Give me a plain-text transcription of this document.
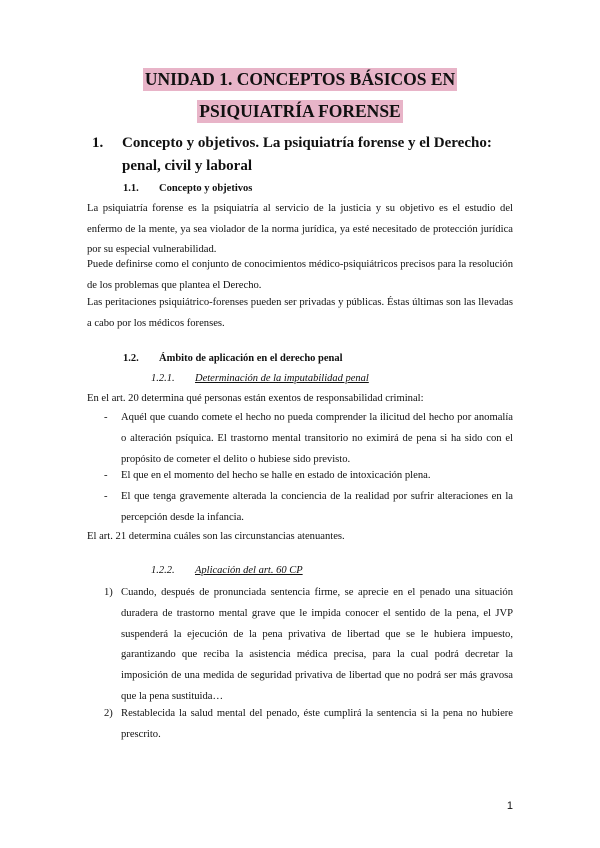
UNIDAD 1. CONCEPTOS BÁSICOS EN
PSIQUIATRÍA FORENSE
1. Concepto y objetivos. La psiquiatría forense y el Derecho: penal, civil y laboral
1.1. Concepto y objetivos

La psiquiatría forense es la psiquiatría al servicio de la justicia y su objetivo es el estudio del enfermo de la mente, ya sea violador de la norma jurídica, ya esté necesitado de protección jurídica por su especial vulnerabilidad.

Puede definirse como el conjunto de conocimientos médico-psiquiátricos precisos para la resolución de los problemas que plantea el Derecho.

Las peritaciones psiquiátrico-forenses pueden ser privadas y públicas. Éstas últimas son las llevadas a cabo por los médicos forenses.

1.2. Ámbito de aplicación en el derecho penal
1.2.1. Determinación de la imputabilidad penal

En el art. 20 determina qué personas están exentos de responsabilidad criminal:

- Aquél que cuando comete el hecho no pueda comprender la ilicitud del hecho por anomalía o alteración psíquica. El trastorno mental transitorio no eximirá de pena si ha sido con el propósito de cometer el delito o hubiese sido previsto.
- El que en el momento del hecho se halle en estado de intoxicación plena.
- El que tenga gravemente alterada la conciencia de la realidad por sufrir alteraciones en la percepción desde la infancia.

El art. 21 determina cuáles son las circunstancias atenuantes.

1.2.2. Aplicación del art. 60 CP
1) Cuando, después de pronunciada sentencia firme, se aprecie en el penado una situación duradera de trastorno mental grave que le impida conocer el sentido de la pena, el JVP suspenderá la ejecución de la pena privativa de libertad que se le hubiera impuesto, garantizando que reciba la asistencia médica precisa, para la cual podrá decretar la imposición de una medida de seguridad privativa de libertad que no podrá ser más gravosa que la pena sustituida…
2) Restablecida la salud mental del penado, éste cumplirá la sentencia si la pena no hubiere prescrito.
1
